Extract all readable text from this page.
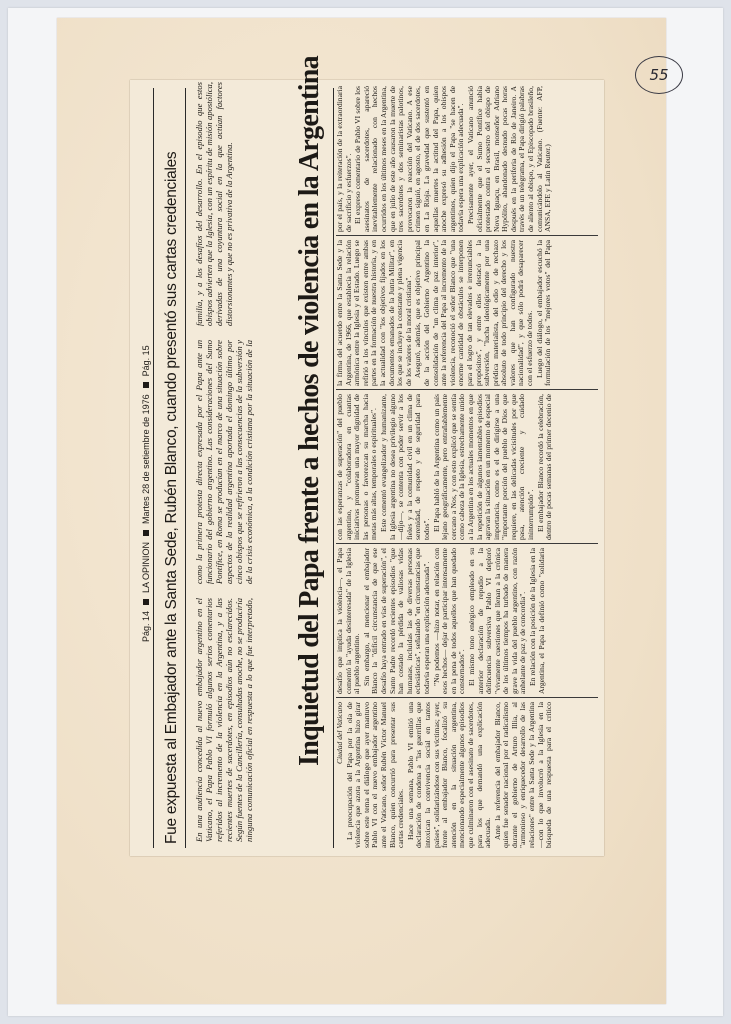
55
Pág. 14
LA OPINION
Martes 28 de setiembre de 1976
Pág. 15 Fue expuesta al Embajador ante la Santa Sede, Rubén Blanco, cuando presentó sus cartas credenciales	En una audiencia concedida al nuevo embajador argentino en el Vaticano, el Papa Pablo VI formuló algunos serios comentarios referidos al incremento de la violencia en la Argentina, y a las recientes muertes de sacerdotes, en episodios aún no esclarecidos. Según fuentes de la Cancillería, consultadas anoche, no se produciría ninguna comunicación oficial en respuesta a lo que fue interpretado, como la primera protesta directa expresada por el Papa ante un funcionario del gobierno argentino. Las consideraciones del Sumo Pontífice, en Roma se producían en el marco de una situación sobre aspectos de la realidad argentina aportada el domingo último por cinco obispos que se refirieron a las consecuencias de la subversión y de la crisis económica, a la condición cristiana por la situación de la familia, y a los desafíos del desarrollo. En el episodio que estos obispos advierten que la Iglesia, con un espíritu de misión apostólica, derivadas de una coyuntura social en la que actúan factores distorsionantes y que no es privativa de la Argentina.	Inquietud del Papa frente a hechos de violencia en la Argentina	Ciudad del Vaticano La preocupación del Papa por la ola de violencia que azota a la Argentina hizo girar sobre este tema el diálogo que ayer mantuvo Pablo VI con el nuevo embajador argentino ante el Vaticano, señor Rubén Víctor Manuel Blanco, quien concurrió para presentar sus cartas credenciales. Hace una semana, Pablo VI emitió una declaración de condena a "las guerrillas que intoxican la convivencia social en tantos países", solidarizándose con sus víctimas; ayer, frente al embajador Blanco, focalizó su atención en la situación argentina, mencionando especialmente algunos episodios que culminaron con el asesinato de sacerdotes, para los que demandó una explicación adecuada. Ante la referencia del embajador Blanco, quien fue senador nacional por el radicalismo durante el gobierno de Arturo Illia, al "armonioso y enriquecedor desarrollo de las relaciones" entre la Santa Sede y la Argentina —con lo que involucró a la Iglesia en la búsqueda de una respuesta para el crítico desafío que implica la violencia—, el Papa comentó la "ayuda desinteresada" de la Iglesia al pueblo argentino. Sin embargo, al mencionar el embajador Blanco la "difícil circunstancia de que ese desafío haya entrado en vías de superación", el Santo Padre recordó recientes episodios "que han costado la pérdida de valiosas vidas humanas, incluidas las de diversas personas eclesiásticas", señalando "en circunstancias que todavía esperan una explicación adecuada". "No podemos —hizo notar, en relación con esos hechos— dejar de participar intensamente en la pena de todos aquellos que han quedado consternados". El mismo tono enérgico empleado en su anterior declaración de repudio a la delincuencia subversiva Pablo VI deploró "vivamente cuestiones que llenan a la crónica de los últimos tiempos ha turbado de manera grave la vida del pueblo argentino, con razón anhelante de paz y de concordia". En relación con la posición de la Iglesia en la Argentina, el Papa la definió como "solidaria con las esperanzas de superación" del pueblo argentino, y "colaboradora en cuantas iniciativas promuevan una mayor dignidad de las personas o favorezcan su marcha hacia metas más altas, temporales o espirituales". Este comentó evangelizador y humanizante, la Iglesia argentina no desea privilegio alguno —dijo—, se contenta con poder servir a los fieles y a la comunidad civil en un clima de serenidad, de respeto y de seguridad para todos". El Papa habló de la Argentina como un país lejano geográficamente, pero entrañablemente cercano a Nos, y con esto explicó que se sentía como cabeza de la Iglesia, estrechamente unido a la Argentina en los actuales momentos en que la repetición de algunos lamentables episodios agravan la situación en un momento de especial importancia, como es el de dirigirse a una "importante porción del pueblo de Dios que requiere, en las delicadas vicisitudes por que pasa, atención creciente y cuidado ininterrumpido". El embajador Blanco recordó la celebración, dentro de pocas semanas del primer decenio de la firma del acuerdo entre la Santa Sede y la Argentina, de 1966, que establecía la relación armónica entre la Iglesia y el Estado. Luego se refirió a los vínculos que existen entre ambas partes en la formación de nuestra historia, y en la actualidad con "los objetivos fijados en los documentos emanados de la Junta Militar", en los que se incluye la constante y plena vigencia de los valores de la moral cristiana". Aseguró, además, que es objetivo principal de la acción del Gobierno Argentino la consolidación de "un clima de paz interior", ante la referencia del Papa al incremento de la violencia, reconoció el señor Blanco que "una enorme cantidad de obstáculos se interponen para el logro de tan elevados e irrenunciables propósitos", y entre ellos destacó a la subversión, "lucha ideológicamente por una prédica materialista, del odio y de rechazo absoluto de todo principio del derecho y los valores que han configurado nuestra nacionalidad", y que sólo podrá desaparecer con el esfuerzo de todos. Luego del diálogo, el embajador escuchó la formulación de los "mejores votos" del Papa por el país, y la reiteración de la extraordinaria de sacrificio y esfuerzos". El expreso comentario de Pablo VI sobre los asesinatos de sacerdotes, apareció inevitablemente relacionado con hechos ocurridos en los últimos meses en la Argentina, que en julio de este año causaron la muerte de tres sacerdotes y dos seminaristas palotinos, provocaron la reacción del Vaticano. A ese crimen siguió, en agosto, el de dos sacerdotes, en La Rioja. La gravedad que sustentó en aquellas muertes la actitud del Papa, quien anoche expresó su adhesión a los obispos argentinos, quien dijo el Papa "se hacen de todavía espera una explicación adecuada". Precisamente ayer, el Vaticano anunció oficialmente que el Sumo Pontífice había protestado contra el secuestro del obispo de Nova Iguaçu, en Brasil, monseñor Adriano Hypólito, abandonado desnudo pocas horas después en la periferia de Río de Janeiro. A través de un telegrama, el Papa dirigió palabras de aliento al obispo, y el Episcopado brasileño, comunicándolo al Vaticano. (Fuente: AFP, ANSA, EFE y Latin Reuter.)
